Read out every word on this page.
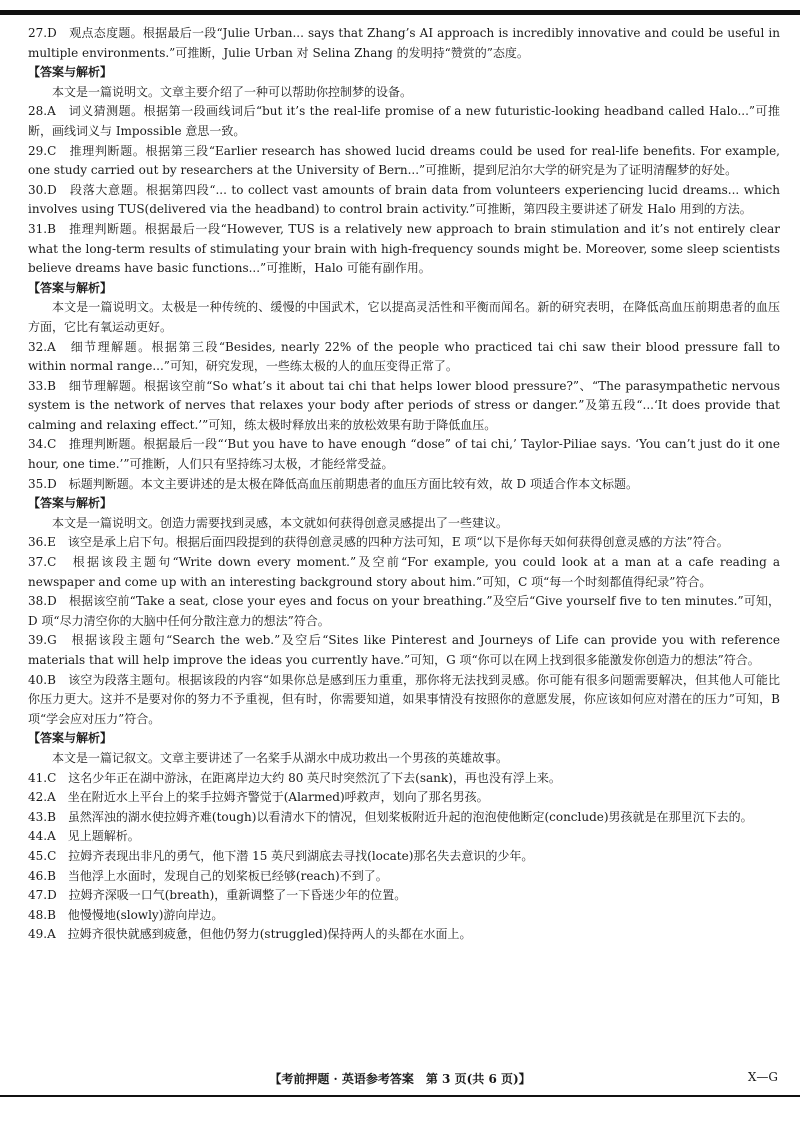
27.D　观点态度题。根据最后一段“Julie Urban... says that Zhang’s AI approach is incredibly innovative and could be useful in multiple environments.”可推断，Julie Urban 对 Selina Zhang 的发明持“赞赏的”态度。

【答案与解析】

本文是一篇说明文。文章主要介绍了一种可以帮助你控制梦的设备。

28.A　词义猜测题。根据第一段画线词后“but it’s the real-life promise of a new futuristic-looking headband called Halo...”可推断，画线词义与 Impossible 意思一致。

29.C　推理判断题。根据第三段“Earlier research has showed lucid dreams could be used for real-life benefits. For example, one study carried out by researchers at the University of Bern...”可推断，提到尼泊尔大学的研究是为了证明清醒梦的好处。

30.D　段落大意题。根据第四段“... to collect vast amounts of brain data from volunteers experiencing lucid dreams... which involves using TUS(delivered via the headband) to control brain activity.”可推断，第四段主要讲述了研发 Halo 用到的方法。

31.B　推理判断题。根据最后一段“However, TUS is a relatively new approach to brain stimulation and it’s not entirely clear what the long-term results of stimulating your brain with high-frequency sounds might be. Moreover, some sleep scientists believe dreams have basic functions...”可推断，Halo 可能有副作用。

【答案与解析】

本文是一篇说明文。太极是一种传统的、缓慢的中国武术，它以提高灵活性和平衡而闻名。新的研究表明，在降低高血压前期患者的血压方面，它比有氧运动更好。

32.A　细节理解题。根据第三段“Besides, nearly 22% of the people who practiced tai chi saw their blood pressure fall to within normal range...”可知，研究发现，一些练太极的人的血压变得正常了。

33.B　细节理解题。根据该空前“So what’s it about tai chi that helps lower blood pressure?”、“The parasympathetic nervous system is the network of nerves that relaxes your body after periods of stress or danger.”及第五段“...‘It does provide that calming and relaxing effect.’”可知，练太极时释放出来的放松效果有助于降低血压。

34.C　推理判断题。根据最后一段“‘But you have to have enough “dose” of tai chi,’ Taylor-Piliae says. ‘You can’t just do it one hour, one time.’”可推断，人们只有坚持练习太极，才能经常受益。

35.D　标题判断题。本文主要讲述的是太极在降低高血压前期患者的血压方面比较有效，故 D 项适合作本文标题。

【答案与解析】

本文是一篇说明文。创造力需要找到灵感，本文就如何获得创意灵感提出了一些建议。

36.E　该空是承上启下句。根据后面四段提到的获得创意灵感的四种方法可知，E 项“以下是你每天如何获得创意灵感的方法”符合。

37.C　根据该段主题句“Write down every moment.”及空前“For example, you could look at a man at a cafe reading a newspaper and come up with an interesting background story about him.”可知，C 项“每一个时刻都值得纪录”符合。

38.D　根据该空前“Take a seat, close your eyes and focus on your breathing.”及空后“Give yourself five to ten minutes.”可知，D 项“尽力清空你的大脑中任何分散注意力的想法”符合。

39.G　根据该段主题句“Search the web.”及空后“Sites like Pinterest and Journeys of Life can provide you with reference materials that will help improve the ideas you currently have.”可知，G 项“你可以在网上找到很多能激发你创造力的想法”符合。

40.B　该空为段落主题句。根据该段的内容“如果你总是感到压力重重，那你将无法找到灵感。你可能有很多问题需要解决，但其他人可能比你压力更大。这并不是要对你的努力不予重视，但有时，你需要知道，如果事情没有按照你的意愿发展，你应该如何应对潜在的压力”可知，B 项“学会应对压力”符合。

【答案与解析】

本文是一篇记叙文。文章主要讲述了一名桨手从湖水中成功救出一个男孩的英雄故事。

41.C　这名少年正在湖中游泳，在距离岸边大约 80 英尺时突然沉了下去(sank)，再也没有浮上来。

42.A　坐在附近水上平台上的桨手拉姆齐警觉于(Alarmed)呼救声，划向了那名男孩。

43.B　虽然浑浊的湖水使拉姆齐难(tough)以看清水下的情况，但划桨板附近升起的泡泡使他断定(conclude)男孩就是在那里沉下去的。

44.A　见上题解析。

45.C　拉姆齐表现出非凡的勇气，他下潜 15 英尺到湖底去寻找(locate)那名失去意识的少年。

46.B　当他浮上水面时，发现自己的划桨板已经够(reach)不到了。

47.D　拉姆齐深吸一口气(breath)，重新调整了一下昏迷少年的位置。

48.B　他慢慢地(slowly)游向岸边。

49.A　拉姆齐很快就感到疲惫，但他仍努力(struggled)保持两人的头都在水面上。

【考前押题 · 英语参考答案　第 3 页(共 6 页)】	X—G
